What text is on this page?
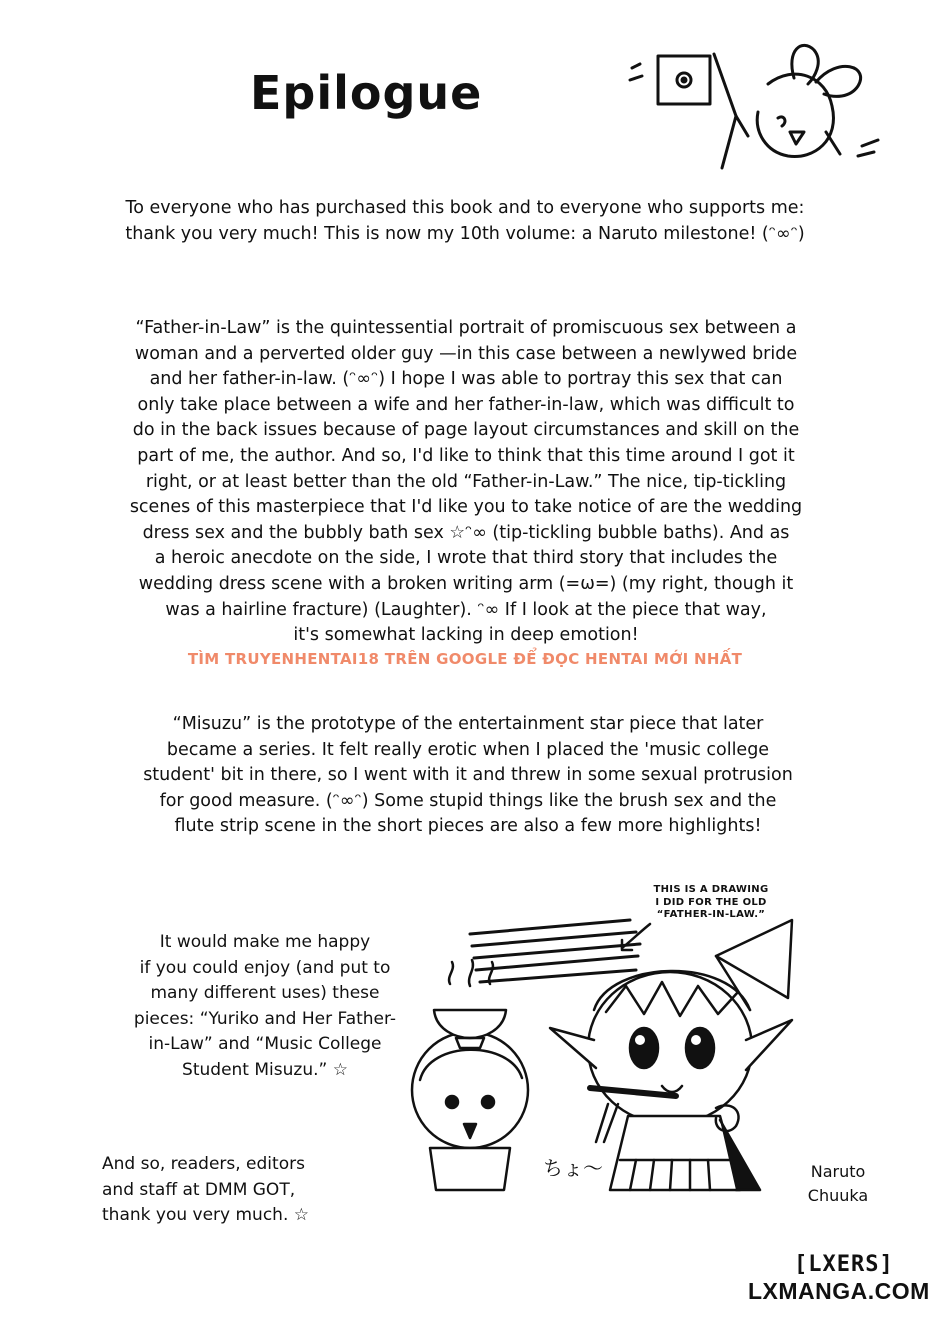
Epilogue
To everyone who has purchased this book and to everyone who supports me:
thank you very much! This is now my 10th volume: a Naruto milestone! (ᵔ∞ᵔ)
“Father-in-Law” is the quintessential portrait of promiscuous sex between a
woman and a perverted older guy —in this case between a newlywed bride
and her father-in-law. (ᵔ∞ᵔ) I hope I was able to portray this sex that can
only take place between a wife and her father-in-law, which was difficult to
do in the back issues because of page layout circumstances and skill on the
part of me, the author. And so, I'd like to think that this time around I got it
right, or at least better than the old “Father-in-Law.” The nice, tip-tickling
scenes of this masterpiece that I'd like you to take notice of are the wedding
dress sex and the bubbly bath sex ☆ᵔ∞ (tip-tickling bubble baths). And as
a heroic anecdote on the side, I wrote that third story that includes the
wedding dress scene with a broken writing arm (=ω=) (my right, though it
was a hairline fracture) (Laughter). ᵔ∞ If I look at the piece that way,
it's somewhat lacking in deep emotion!
TÌM TRUYENHENTAI18 TRÊN GOOGLE ĐỂ ĐỌC HENTAI MỚI NHẤT
“Misuzu” is the prototype of the entertainment star piece that later
became a series. It felt really erotic when I placed the 'music college
student' bit in there, so I went with it and threw in some sexual protrusion
for good measure. (ᵔ∞ᵔ) Some stupid things like the brush sex and the
flute strip scene in the short pieces are also a few more highlights!
It would make me happy
if you could enjoy (and put to
many different uses) these
pieces: “Yuriko and Her Father-
in-Law” and “Music College
Student Misuzu.” ☆
And so, readers, editors
and staff at DMM GOT,
thank you very much. ☆
THIS IS A DRAWING
I DID FOR THE OLD
“FATHER-IN-LAW.”
ちょ〜	Naruto
Chuuka
[LXERS]
LXMANGA.COM
